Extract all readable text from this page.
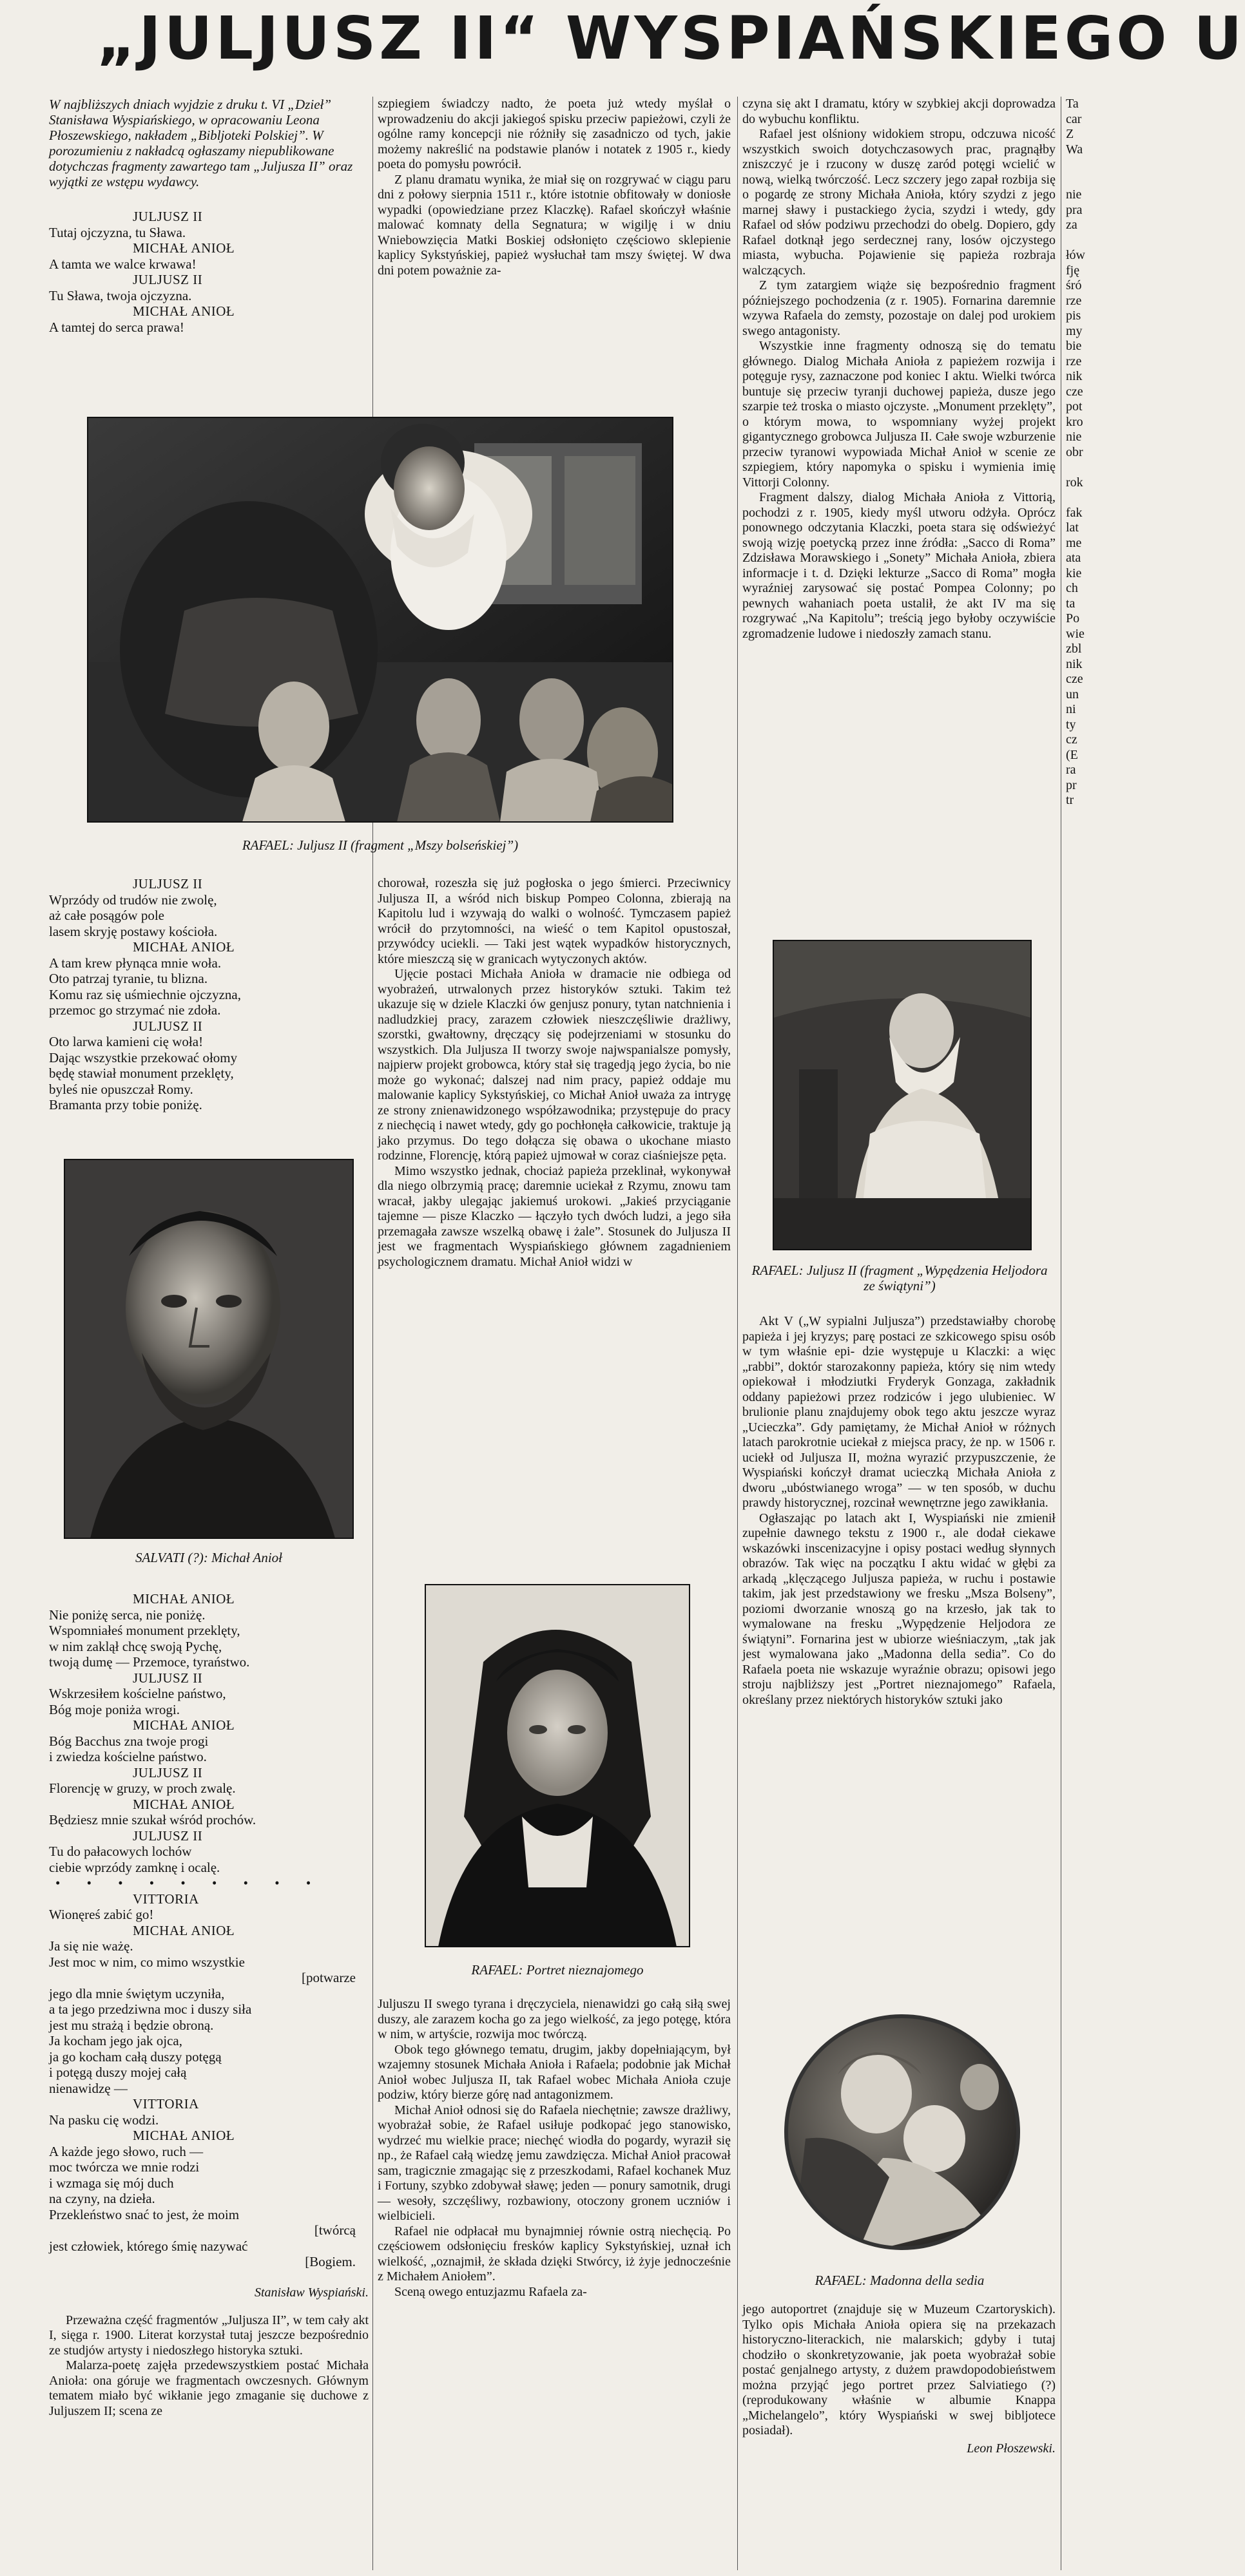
„JULJUSZ II“ WYSPIAŃSKIEGO U

W najbliższych dniach wyjdzie z druku t. VI „Dzieł” Stanisława Wyspiańskiego, w opracowaniu Leona Płoszewskiego, nakładem „Bibljoteki Polskiej”. W porozumieniu z nakładcą ogłaszamy niepublikowane dotychczas fragmenty zawartego tam „Juljusza II” oraz wyjątki ze wstępu wydawcy.

JULJUSZ II
Tutaj ojczyzna, tu Sława.
MICHAŁ ANIOŁ
A tamta we walce krwawa!
JULJUSZ II
Tu Sława, twoja ojczyzna.
MICHAŁ ANIOŁ
A tamtej do serca prawa!
RAFAEL: Juljusz II (fragment „Mszy bolseńskiej”)
JULJUSZ II
Wprzódy od trudów nie zwolę,
aż całe posągów pole
lasem skryję postawy kościoła.
MICHAŁ ANIOŁ
A tam krew płynąca mnie woła.
Oto patrzaj tyranie, tu blizna.
Komu raz się uśmiechnie ojczyzna,
przemoc go strzymać nie zdoła.
JULJUSZ II
Oto larwa kamieni cię woła!
Dając wszystkie przekować ołomy
będę stawiał monument przeklęty,
byleś nie opuszczał Romy.
Bramanta przy tobie poniżę.
SALVATI (?): Michał Anioł
MICHAŁ ANIOŁ
Nie poniżę serca, nie poniżę.
Wspomniałeś monument przeklęty,
w nim zaklął chcę swoją Pychę,
twoją dumę — Przemoce, tyraństwo.
JULJUSZ II
Wskrzesiłem kościelne państwo,
Bóg moje poniża wrogi.
MICHAŁ ANIOŁ
Bóg Bacchus zna twoje progi
i zwiedza kościelne państwo.
JULJUSZ II
Florencję w gruzy, w proch zwalę.
MICHAŁ ANIOŁ
Będziesz mnie szukał wśród prochów.
JULJUSZ II
Tu do pałacowych lochów
ciebie wprzódy zamknę i ocalę.
• • • • • • • • •
VITTORIA
Wionęreś zabić go!
MICHAŁ ANIOŁ
Ja się nie ważę.
Jest moc w nim, co mimo wszystkie
[potwarze
jego dla mnie świętym uczyniła,
a ta jego przedziwna moc i duszy siła
jest mu strażą i będzie obroną.
Ja kocham jego jak ojca,
ja go kocham całą duszy potęgą
i potęgą duszy mojej całą
nienawidzę —
VITTORIA
Na pasku cię wodzi.
MICHAŁ ANIOŁ
A każde jego słowo, ruch —
moc twórcza we mnie rodzi
i wzmaga się mój duch
na czyny, na dzieła.
Przekleństwo snać to jest, że moim
[twórcą
jest człowiek, którego śmię nazywać
[Bogiem.
Stanisław Wyspiański.

Przeważna część fragmentów „Juljusza II”, w tem cały akt I, sięga r. 1900. Literat korzystał tutaj jeszcze bezpośrednio ze studjów artysty i niedoszłego historyka sztuki.

Malarza-poetę zajęła przedewszystkiem postać Michała Anioła: ona góruje we fragmentach owczesnych. Głównym tematem miało być wikłanie jego zmaganie się duchowe z Juljuszem II; scena ze

szpiegiem świadczy nadto, że poeta już wtedy myślał o wprowadzeniu do akcji jakiegoś spisku przeciw papieżowi, czyli że ogólne ramy koncepcji nie różniły się zasadniczo od tych, jakie możemy nakreślić na podstawie planów i notatek z 1905 r., kiedy poeta do pomysłu powrócił.

Z planu dramatu wynika, że miał się on rozgrywać w ciągu paru dni z połowy sierpnia 1511 r., które istotnie obfitowały w doniosłe wypadki (opowiedziane przez Klaczkę). Rafael skończył właśnie malować komnaty della Segnatura; w wigilję i w dniu Wniebowzięcia Matki Boskiej odsłonięto częściowo sklepienie kaplicy Sykstyńskiej, papież wysłuchał tam mszy świętej. W dwa dni potem poważnie za-

chorował, rozeszła się już pogłoska o jego śmierci. Przeciwnicy Juljusza II, a wśród nich biskup Pompeo Colonna, zbierają na Kapitolu lud i wzywają do walki o wolność. Tymczasem papież wrócił do przytomności, na wieść o tem Kapitol opustoszał, przywódcy uciekli. — Taki jest wątek wypadków historycznych, które mieszczą się w granicach wytyczonych aktów.

Ujęcie postaci Michała Anioła w dramacie nie odbiega od wyobrażeń, utrwalonych przez historyków sztuki. Takim też ukazuje się w dziele Klaczki ów genjusz ponury, tytan natchnienia i nadludzkiej pracy, zarazem człowiek nieszczęśliwie drażliwy, szorstki, gwałtowny, dręczący się podejrzeniami w stosunku do wszystkich. Dla Juljusza II tworzy swoje najwspanialsze pomysły, najpierw projekt grobowca, który stał się tragedją jego życia, bo nie może go wykonać; dalszej nad nim pracy, papież oddaje mu malowanie kaplicy Sykstyńskiej, co Michał Anioł uważa za intrygę ze strony znienawidzonego współzawodnika; przystępuje do pracy z niechęcią i nawet wtedy, gdy go pochłonęła całkowicie, traktuje ją jako przymus. Do tego dołącza się obawa o ukochane miasto rodzinne, Florencję, którą papież ujmował w coraz ciaśniejsze pęta.

Mimo wszystko jednak, chociaż papieża przeklinał, wykonywał dla niego olbrzymią pracę; daremnie uciekał z Rzymu, znowu tam wracał, jakby ulegając jakiemuś urokowi. „Jakieś przyciąganie tajemne — pisze Klaczko — łączyło tych dwóch ludzi, a jego siła przemagała zawsze wszelką obawę i żale”. Stosunek do Juljusza II jest we fragmentach Wyspiańskiego głównem zagadnieniem psychologicznem dramatu. Michał Anioł widzi w

RAFAEL: Portret nieznajomego

Juljuszu II swego tyrana i dręczyciela, nienawidzi go całą siłą swej duszy, ale zarazem kocha go za jego wielkość, za jego potęgę, która w nim, w artyście, rozwija moc twórczą.

Obok tego głównego tematu, drugim, jakby dopełniającym, był wzajemny stosunek Michała Anioła i Rafaela; podobnie jak Michał Anioł wobec Juljusza II, tak Rafael wobec Michała Anioła czuje podziw, który bierze górę nad antagonizmem.

Michał Anioł odnosi się do Rafaela niechętnie; zawsze drażliwy, wyobrażał sobie, że Rafael usiłuje podkopać jego stanowisko, wydrzeć mu wielkie prace; niechęć wiodła do pogardy, wyraził się np., że Rafael całą wiedzę jemu zawdzięcza. Michał Anioł pracował sam, tragicznie zmagając się z przeszkodami, Rafael kochanek Muz i Fortuny, szybko zdobywał sławę; jeden — ponury samotnik, drugi — wesoły, szczęśliwy, rozbawiony, otoczony gronem uczniów i wielbicieli.

Rafael nie odpłacał mu bynajmniej równie ostrą niechęcią. Po częściowem odsłonięciu fresków kaplicy Sykstyńskiej, uznał ich wielkość, „oznajmił, że składa dzięki Stwórcy, iż żyje jednocześnie z Michałem Aniołem”.

Sceną owego entuzjazmu Rafaela za-

czyna się akt I dramatu, który w szybkiej akcji doprowadza do wybuchu konfliktu.

Rafael jest olśniony widokiem stropu, odczuwa nicość wszystkich swoich dotychczasowych prac, pragnąłby zniszczyć je i rzucony w duszę zaród potęgi wcielić w nową, wielką twórczość. Lecz szczery jego zapał rozbija się o pogardę ze strony Michała Anioła, który szydzi z jego marnej sławy i pustackiego życia, szydzi i wtedy, gdy Rafael od słów podziwu przechodzi do obelg. Dopiero, gdy Rafael dotknął jego serdecznej rany, losów ojczystego miasta, wybucha. Pojawienie się papieża rozbraja walczących.

Z tym zatargiem wiąże się bezpośrednio fragment późniejszego pochodzenia (z r. 1905). Fornarina daremnie wzywa Rafaela do zemsty, pozostaje on dalej pod urokiem swego antagonisty.

Wszystkie inne fragmenty odnoszą się do tematu głównego. Dialog Michała Anioła z papieżem rozwija i potęguje rysy, zaznaczone pod koniec I aktu. Wielki twórca buntuje się przeciw tyranji duchowej papieża, dusze jego szarpie też troska o miasto ojczyste. „Monument przeklęty”, o którym mowa, to wspomniany wyżej projekt gigantycznego grobowca Juljusza II. Całe swoje wzburzenie przeciw tyranowi wypowiada Michał Anioł w scenie ze szpiegiem, który napomyka o spisku i wymienia imię Vittorji Colonny.

Fragment dalszy, dialog Michała Anioła z Vittorią, pochodzi z r. 1905, kiedy myśl utworu odżyła. Oprócz ponownego odczytania Klaczki, poeta stara się odświeżyć swoją wizję poetycką przez inne źródła: „Sacco di Roma” Zdzisława Morawskiego i „Sonety” Michała Anioła, zbiera informacje i t. d. Dzięki lekturze „Sacco di Roma” mogła wyraźniej zarysować się postać Pompea Colonny; po pewnych wahaniach poeta ustalił, że akt IV ma się rozgrywać „Na Kapitolu”; treścią jego byłoby oczywiście zgromadzenie ludowe i niedoszły zamach stanu.

RAFAEL: Juljusz II (fragment „Wypędzenia Heljodora ze świątyni”)

Akt V („W sypialni Juljusza”) przedstawiałby chorobę papieża i jej kryzys; parę postaci ze szkicowego spisu osób w tym właśnie epi- dzie występuje u Klaczki: a więc „rabbi”, doktór starozakonny papieża, który się nim wtedy opiekował i młodziutki Fryderyk Gonzaga, zakładnik oddany papieżowi przez rodziców i jego ulubieniec. W brulionie planu znajdujemy obok tego aktu jeszcze wyraz „Ucieczka”. Gdy pamiętamy, że Michał Anioł w różnych latach parokrotnie uciekał z miejsca pracy, że np. w 1506 r. uciekł od Juljusza II, można wyrazić przypuszczenie, że Wyspiański kończył dramat ucieczką Michała Anioła z dworu „ubóstwianego wroga” — w ten sposób, w duchu prawdy historycznej, rozcinał wewnętrzne jego zawikłania.

Ogłaszając po latach akt I, Wyspiański nie zmienił zupełnie dawnego tekstu z 1900 r., ale dodał ciekawe wskazówki inscenizacyjne i opisy postaci według słynnych obrazów. Tak więc na początku I aktu widać w głębi za arkadą „klęczącego Juljusza papieża, w ruchu i postawie takim, jak jest przedstawiony we fresku „Msza Bolseny”, poziomi dworzanie wnoszą go na krzesło, jak tak to wymalowane na fresku „Wypędzenie Heljodora ze świątyni”. Fornarina jest w ubiorze wieśniaczym, „tak jak jest wymalowana jako „Madonna della sedia”. Co do Rafaela poeta nie wskazuje wyraźnie obrazu; opisowi jego stroju najbliższy jest „Portret nieznajomego” Rafaela, określany przez niektórych historyków sztuki jako

RAFAEL: Madonna della sedia

jego autoportret (znajduje się w Muzeum Czartoryskich). Tylko opis Michała Anioła opiera się na przekazach historyczno-literackich, nie malarskich; gdyby i tutaj chodziło o skonkretyzowanie, jak poeta wyobrażał sobie postać genjalnego artysty, z dużem prawdopodobieństwem można przyjąć jego portret przez Salviatiego (?) (reprodukowany właśnie w albumie Knappa „Michelangelo”, który Wyspiański w swej bibljotece posiadał).

Leon Płoszewski.
Ta
car
Z
Wa
nie
pra
za
łów
fję
śró
rze
pis
my
bie
rze
nik
cze
pot
kro
nie
obr
rok
fak
lat
me
ata
kie
ch
ta
Po
wie
zbl
nik
cze
un
ni
ty
cz
(E
ra
pr
tr
